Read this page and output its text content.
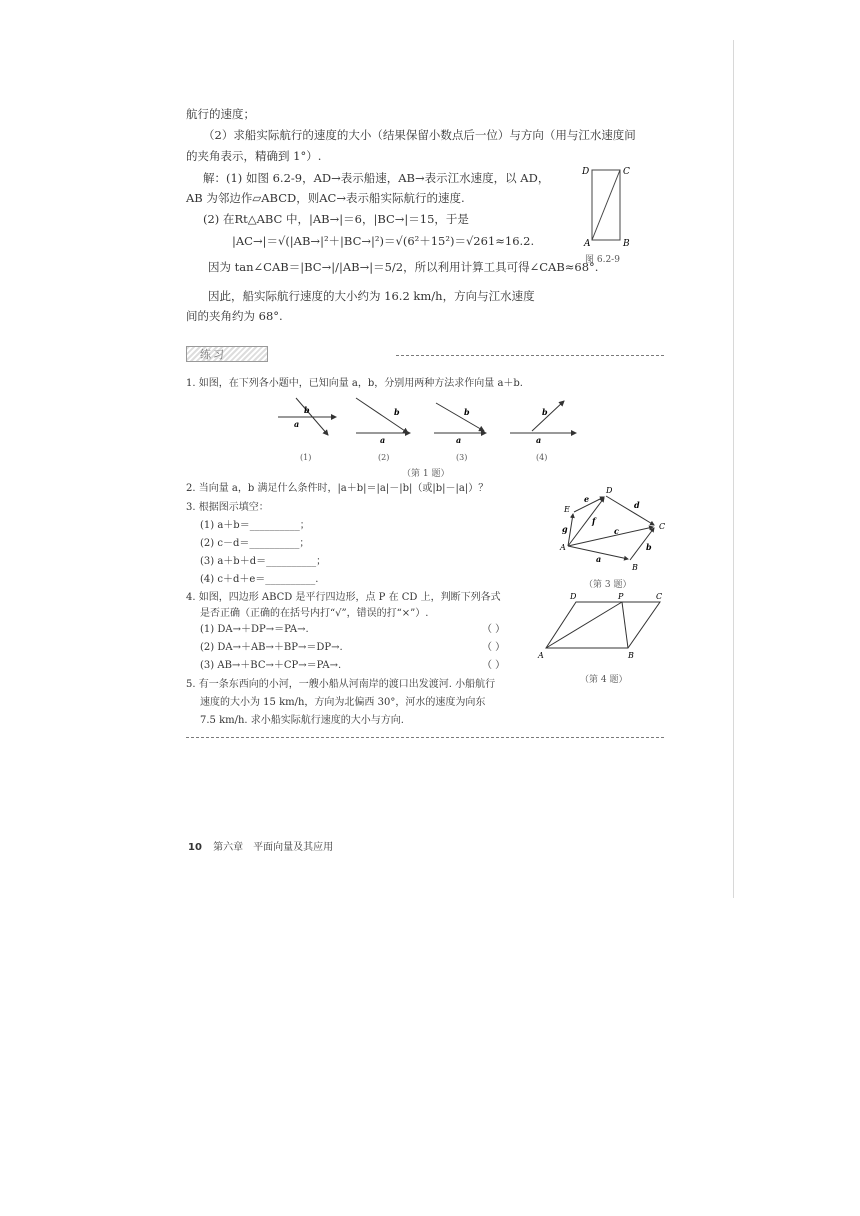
航行的速度；
（2）求船实际航行的速度的大小（结果保留小数点后一位）与方向（用与江水速度间
的夹角表示，精确到 1°）.
解：(1) 如图 6.2-9，AD→表示船速，AB→表示江水速度，以 AD，
AB 为邻边作▱ABCD，则AC→表示船实际航行的速度.
(2) 在Rt△ABC 中，|AB→|＝6，|BC→|＝15，于是
|AC→|＝√(|AB→|²＋|BC→|²)＝√(6²＋15²)＝√261≈16.2.
因为 tan∠CAB＝|BC→|/|AB→|＝5/2，所以利用计算工具可得∠CAB≈68°.
因此，船实际航行速度的大小约为 16.2 km/h，方向与江水速度
间的夹角约为 68°.
D	C
A	B
图 6.2-9
练习
1. 如图，在下列各小题中，已知向量 a，b，分别用两种方法求作向量 a＋b.
b
a
(1)
b
a
(2)
b
a
(3)
b
a
(4)
（第 1 题）
2. 当向量 a，b 满足什么条件时，|a＋b|＝|a|－|b|（或|b|－|a|）？
3. 根据图示填空：
(1) a＋b＝__________；
(2) c－d＝__________；
(3) a＋b＋d＝__________；
(4) c＋d＋e＝__________.
A
B
C
D
E
a
b
c
d
e
f
g
（第 3 题）
4. 如图，四边形 ABCD 是平行四边形，点 P 在 CD 上，判断下列各式
是否正确（正确的在括号内打“√”，错误的打“×”）.
(1) DA→＋DP→＝PA→.	（ ）
(2) DA→＋AB→＋BP→＝DP→.	（ ）
(3) AB→＋BC→＋CP→＝PA→.	（ ）
A	B
C
D	P
（第 4 题）
5. 有一条东西向的小河，一艘小船从河南岸的渡口出发渡河. 小船航行
速度的大小为 15 km/h，方向为北偏西 30°，河水的速度为向东
7.5 km/h. 求小船实际航行速度的大小与方向.
10 第六章　平面向量及其应用
